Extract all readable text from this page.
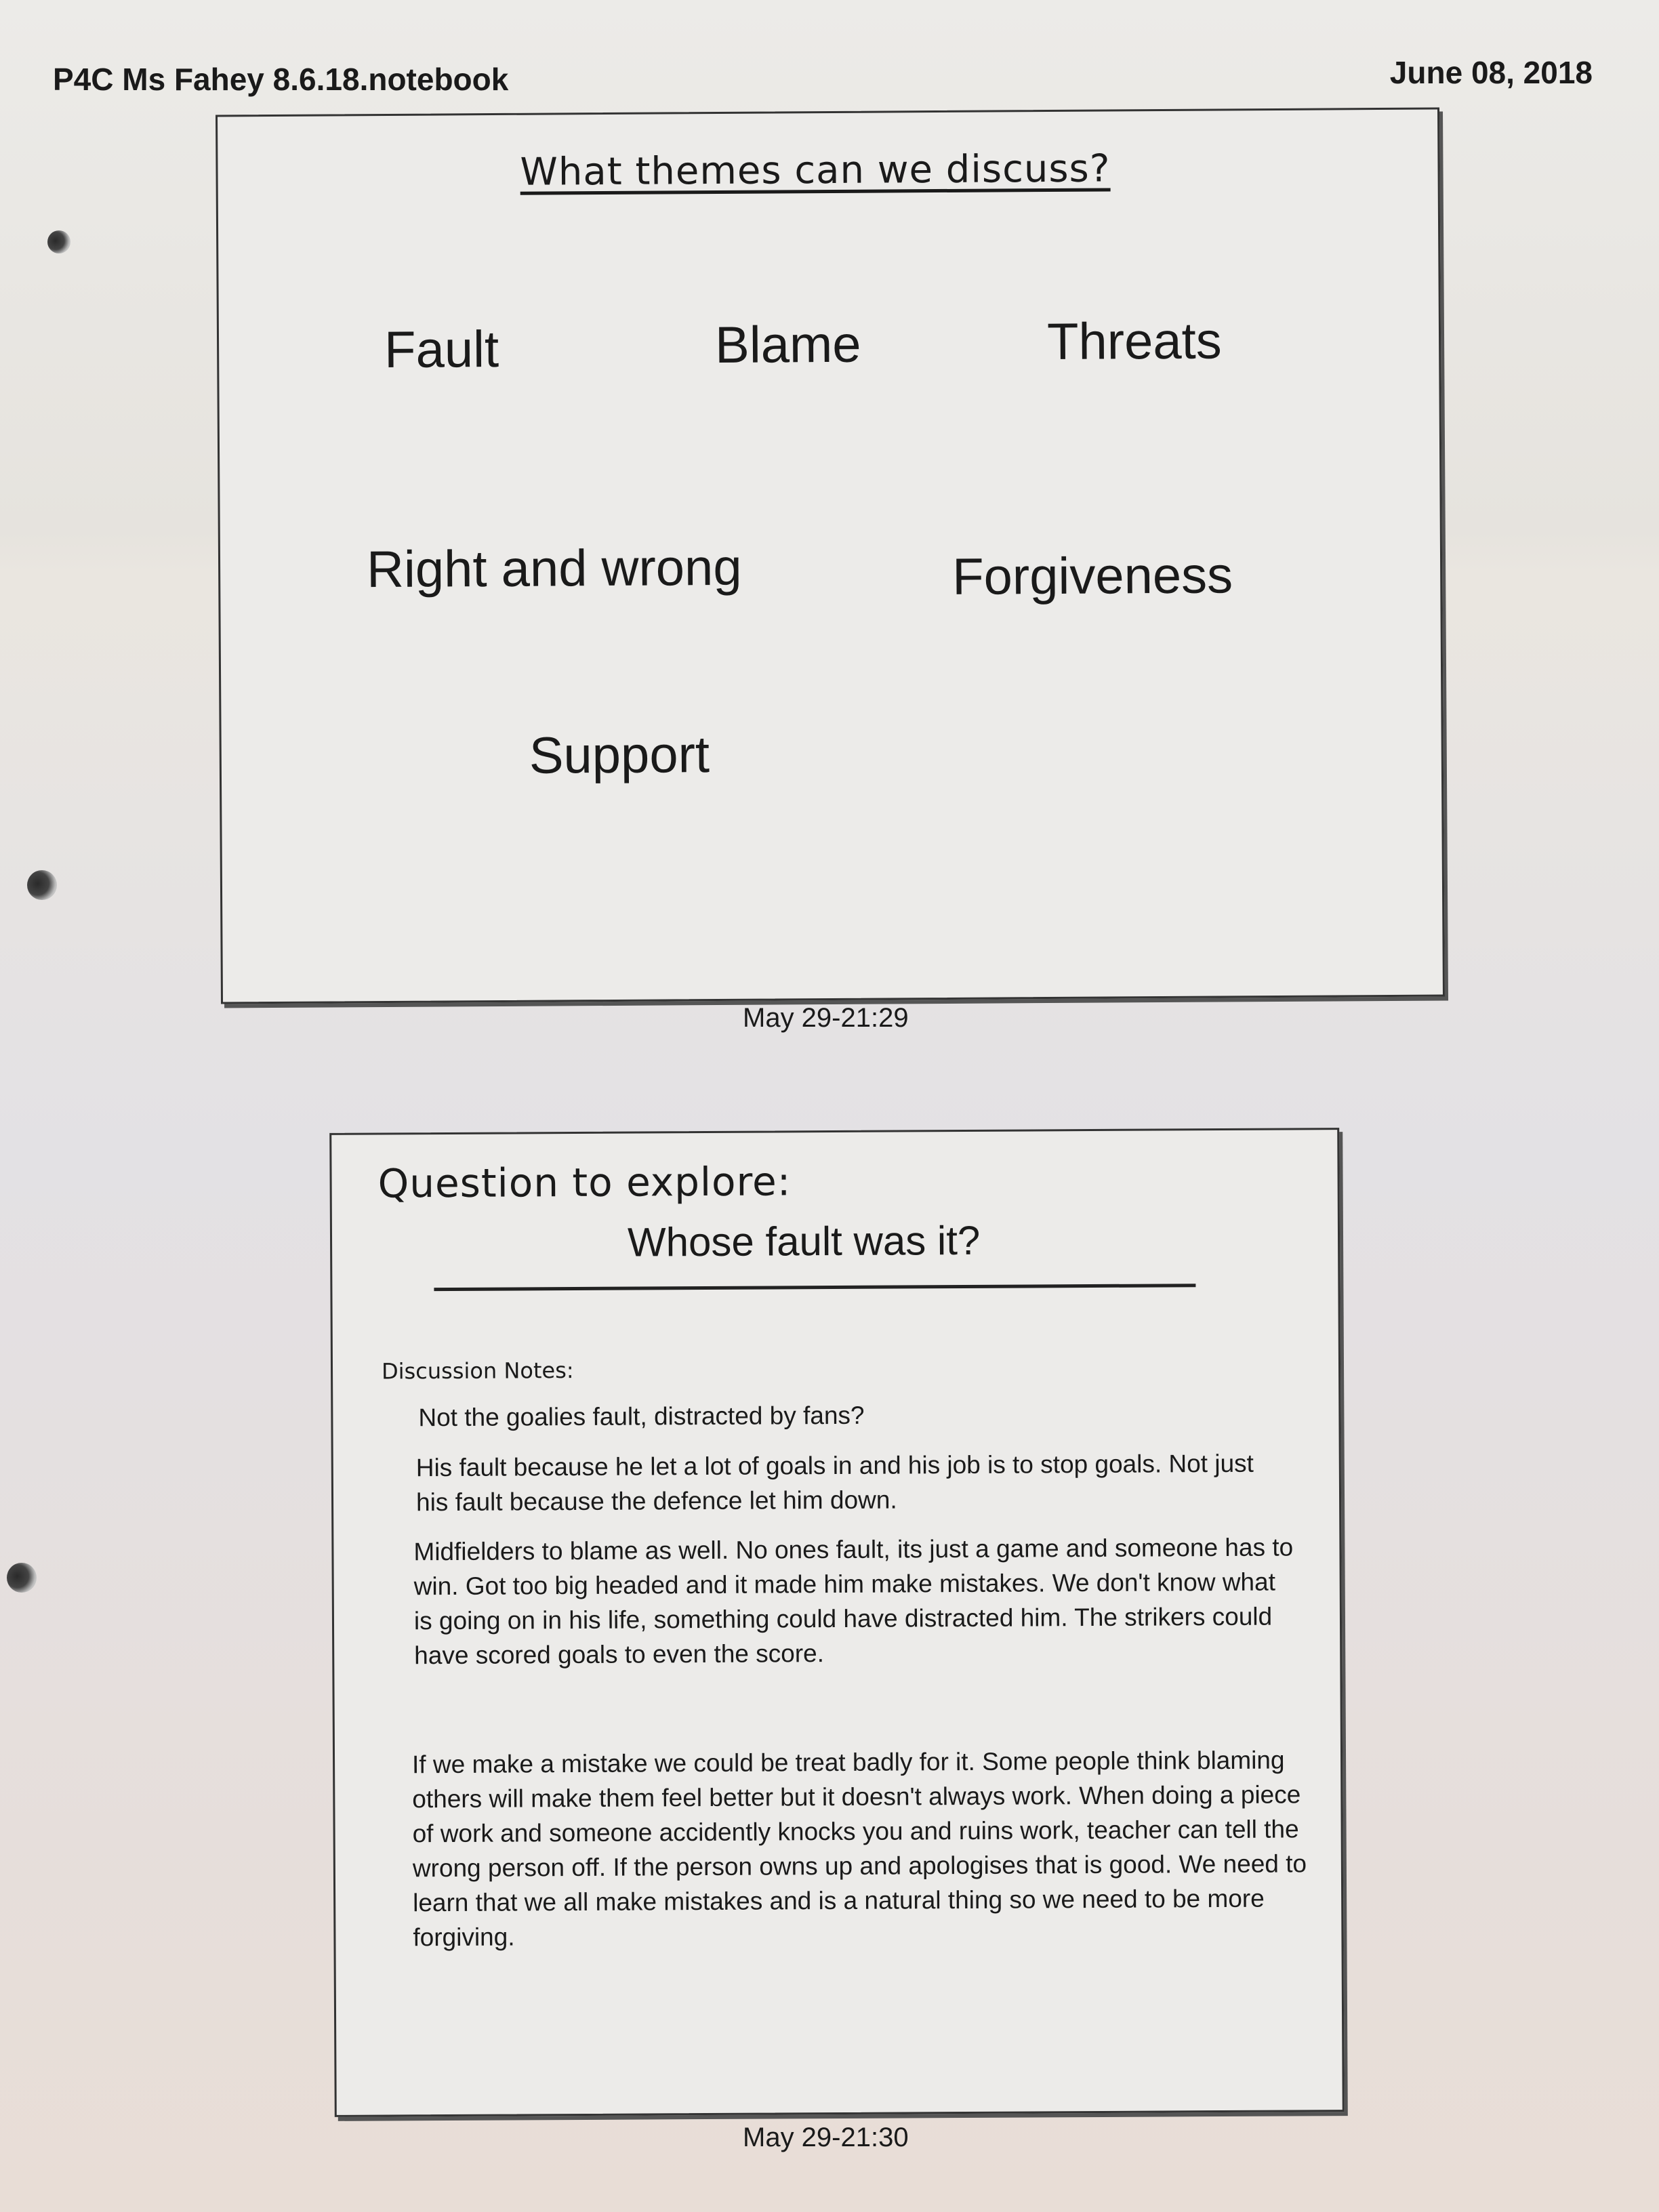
P4C Ms Fahey 8.6.18.notebook	June 08, 2018
What themes can we discuss?
Fault	Blame	Threats
Right and wrong	Forgiveness
Support
May 29-21:29
Question to explore:
Whose fault was it?
Discussion Notes:
Not the goalies fault, distracted by fans?
His fault because he let a lot of goals in and his job is to stop goals. Not just his fault because the defence let him down.
Midfielders to blame as well. No ones fault, its just a game and someone has to win. Got too big headed and it made him make mistakes. We don't know what is going on in his life, something could have distracted him. The strikers could have scored goals to even the score.
If we make a mistake we could be treat badly for it. Some people think blaming others will make them feel better but it doesn't always work. When doing a piece of work and someone accidently knocks you and ruins work, teacher can tell the wrong person off. If the person owns up and apologises that is good. We need to learn that we all make mistakes and is a natural thing so we need to be more forgiving.
May 29-21:30
